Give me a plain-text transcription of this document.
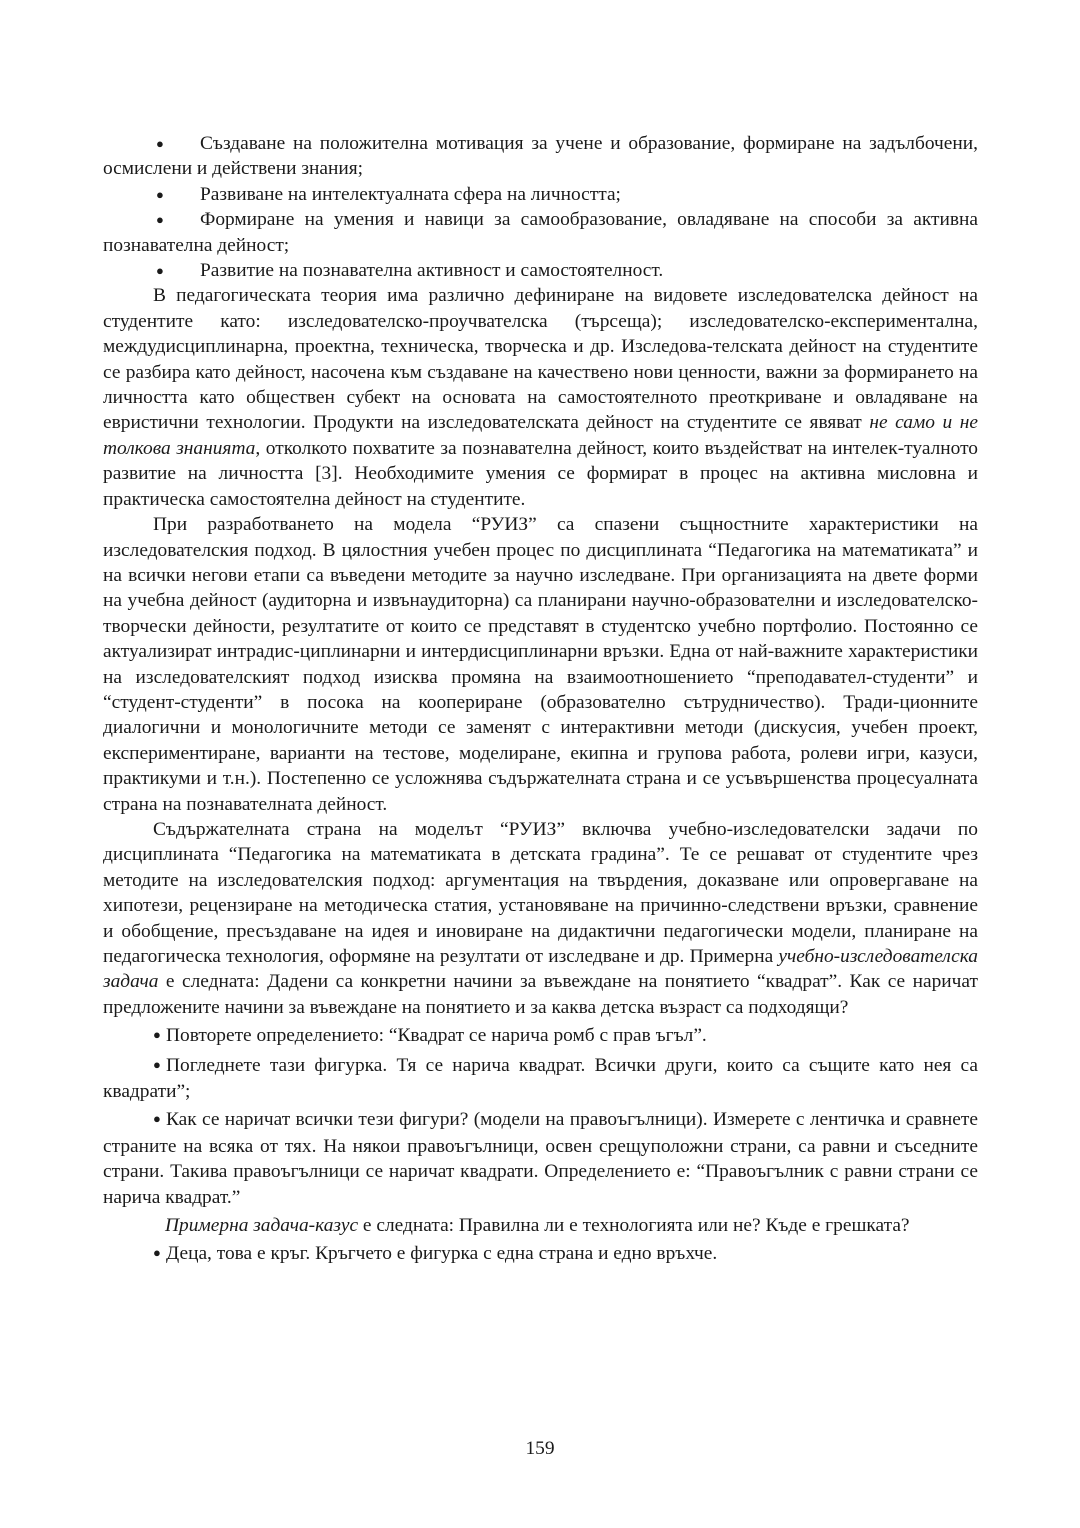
● Създаване на положителна мотивация за учене и образование, формиране на задълбочени, осмислени и действени знания;

● Развиване на интелектуалната сфера на личността;

● Формиране на умения и навици за самообразование, овладяване на способи за активна познавателна дейност;

● Развитие на познавателна активност и самостоятелност.

В педагогическата теория има различно дефиниране на видовете изследователска дейност на студентите като: изследователско-проучвателска (търсеща); изследователско-експериментална, междудисциплинарна, проектна, техническа, творческа и др. Изследова-телската дейност на студентите се разбира като дейност, насочена към създаване на качествено нови ценности, важни за формирането на личността като обществен субект на основата на самостоятелното преоткриване и овладяване на евристични технологии. Продукти на изследователската дейност на студентите се явяват не само и не толкова знанията, отколкото похватите за познавателна дейност, които въздействат на интелек-туалното развитие на личността [3]. Необходимите умения се формират в процес на активна мисловна и практическа самостоятелна дейност на студентите.

При разработването на модела “РУИЗ” са спазени същностните характеристики на изследователския подход. В цялостния учебен процес по дисциплината “Педагогика на математиката” и на всички негови етапи са въведени методите за научно изследване. При организацията на двете форми на учебна дейност (аудиторна и извънаудиторна) са планирани научно-образователни и изследователско-творчески дейности, резултатите от които се представят в студентско учебно портфолио. Постоянно се актуализират интрадис-циплинарни и интердисциплинарни връзки. Една от най-важните характеристики на изследователският подход изисква промяна на взаимоотношението “преподавател-студенти” и “студент-студенти” в посока на коопериране (образователно сътрудничество). Тради-ционните диалогични и монологичните методи се заменят с интерактивни методи (дискусия, учебен проект, експериментиране, варианти на тестове, моделиране, екипна и групова работа, ролеви игри, казуси, практикуми и т.н.). Постепенно се усложнява съдържателната страна и се усъвършенства процесуалната страна на познавателната дейност.

Съдържателната страна на моделът “РУИЗ” включва учебно-изследователски задачи по дисциплината “Педагогика на математиката в детската градина”. Те се решават от студентите чрез методите на изследователския подход: аргументация на твърдения, доказване или опровергаване на хипотези, рецензиране на методическа статия, установяване на причинно-следствени връзки, сравнение и обобщение, пресъздаване на идея и иновиране на дидактични педагогически модели, планиране на педагогическа технология, оформяне на резултати от изследване и др. Примерна учебно-изследователска задача е следната: Дадени са конкретни начини за въвеждане на понятието “квадрат”. Как се наричат предложените начини за въвеждане на понятието и за каква детска възраст са подходящи?

● Повторете определението: “Квадрат се нарича ромб с прав ъгъл”.

● Погледнете тази фигурка. Тя се нарича квадрат. Всички други, които са същите като нея са квадрати”;

● Как се наричат всички тези фигури? (модели на правоъгълници). Измерете с лентичка и сравнете страните на всяка от тях. На някои правоъгълници, освен срещуположни страни, са равни и съседните страни. Такива правоъгълници се наричат квадрати. Определението е: “Правоъгълник с равни страни се нарича квадрат.”

Примерна задача-казус е следната: Правилна ли е технологията или не? Къде е грешката?

● Деца, това е кръг. Кръгчето е фигурка с една страна и едно връхче.

159
